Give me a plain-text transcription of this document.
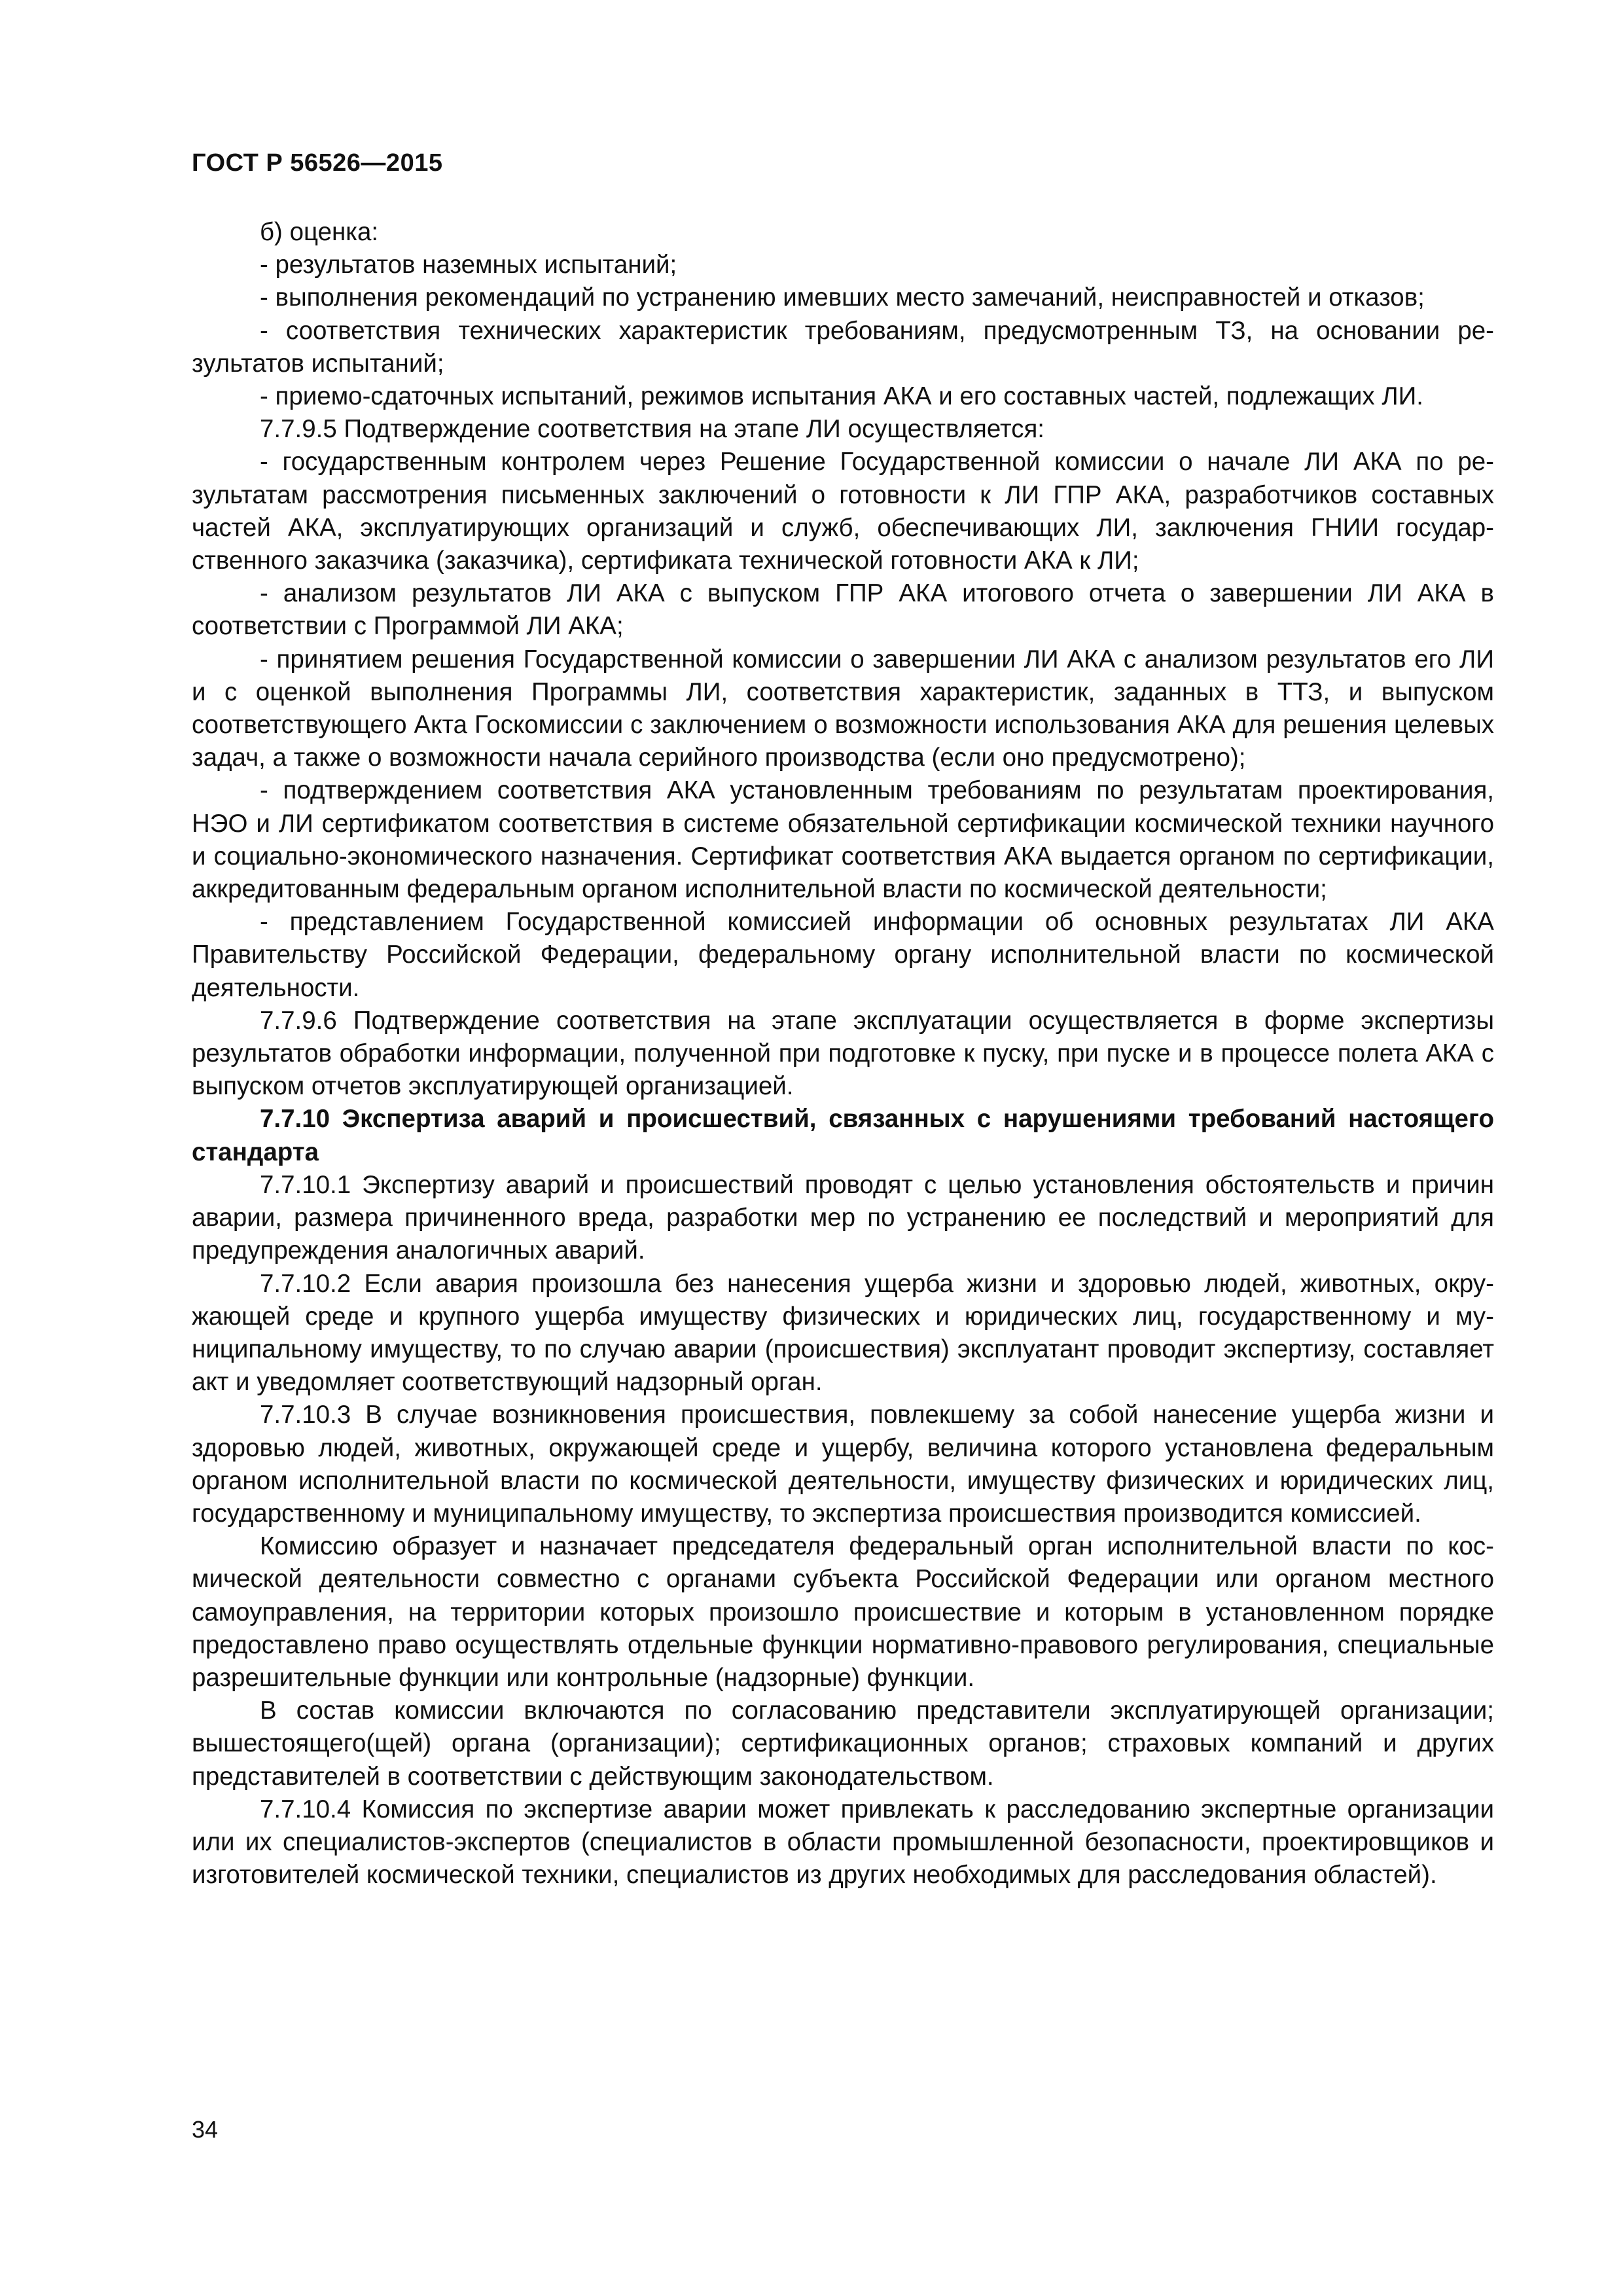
ГОСТ Р 56526—2015

б) оценка:

- результатов наземных испытаний;

- выполнения рекомендаций по устранению имевших место замечаний, неисправностей и отказов;

- соответствия технических характеристик требованиям, предусмотренным ТЗ, на основании результатов испытаний;

- приемо-сдаточных испытаний, режимов испытания АКА и его составных частей, подлежащих ЛИ.

7.7.9.5 Подтверждение соответствия на этапе ЛИ осуществляется:

- государственным контролем через Решение Государственной комиссии о начале ЛИ АКА по результатам рассмотрения письменных заключений о готовности к ЛИ ГПР АКА, разработчиков составных частей АКА, эксплуатирующих организаций и служб, обеспечивающих ЛИ, заключения ГНИИ государственного заказчика (заказчика), сертификата технической готовности АКА к ЛИ;

- анализом результатов ЛИ АКА с выпуском ГПР АКА итогового отчета о завершении ЛИ АКА в соответствии с Программой ЛИ АКА;

- принятием решения Государственной комиссии о завершении ЛИ АКА с анализом результатов его ЛИ и с оценкой выполнения Программы ЛИ, соответствия характеристик, заданных в ТТЗ, и выпуском соответствующего Акта Госкомиссии с заключением о возможности использования АКА для решения целевых задач, а также о возможности начала серийного производства (если оно предусмотрено);

- подтверждением соответствия АКА установленным требованиям по результатам проектирования, НЭО и ЛИ сертификатом соответствия в системе обязательной сертификации космической техники научного и социально-экономического назначения. Сертификат соответствия АКА выдается органом по сертификации, аккредитованным федеральным органом исполнительной власти по космической деятельности;

- представлением Государственной комиссией информации об основных результатах ЛИ АКА Правительству Российской Федерации, федеральному органу исполнительной власти по космической деятельности.

7.7.9.6 Подтверждение соответствия на этапе эксплуатации осуществляется в форме экспертизы результатов обработки информации, полученной при подготовке к пуску, при пуске и в процессе полета АКА с выпуском отчетов эксплуатирующей организацией.

7.7.10 Экспертиза аварий и происшествий, связанных с нарушениями требований настоящего стандарта

7.7.10.1 Экспертизу аварий и происшествий проводят с целью установления обстоятельств и причин аварии, размера причиненного вреда, разработки мер по устранению ее последствий и мероприятий для предупреждения аналогичных аварий.

7.7.10.2 Если авария произошла без нанесения ущерба жизни и здоровью людей, животных, окружающей среде и крупного ущерба имуществу физических и юридических лиц, государственному и муниципальному имуществу, то по случаю аварии (происшествия) эксплуатант проводит экспертизу, составляет акт и уведомляет соответствующий надзорный орган.

7.7.10.3 В случае возникновения происшествия, повлекшему за собой нанесение ущерба жизни и здоровью людей, животных, окружающей среде и ущербу, величина которого установлена федеральным органом исполнительной власти по космической деятельности, имуществу физических и юридических лиц, государственному и муниципальному имуществу, то экспертиза происшествия производится комиссией.

Комиссию образует и назначает председателя федеральный орган исполнительной власти по космической деятельности совместно с органами субъекта Российской Федерации или органом местного самоуправления, на территории которых произошло происшествие и которым в установленном порядке предоставлено право осуществлять отдельные функции нормативно-правового регулирования, специальные разрешительные функции или контрольные (надзорные) функции.

В состав комиссии включаются по согласованию представители эксплуатирующей организации; вышестоящего(щей) органа (организации); сертификационных органов; страховых компаний и других представителей в соответствии с действующим законодательством.

7.7.10.4 Комиссия по экспертизе аварии может привлекать к расследованию экспертные организации или их специалистов-экспертов (специалистов в области промышленной безопасности, проектировщиков и изготовителей космической техники, специалистов из других необходимых для расследования областей).

34
